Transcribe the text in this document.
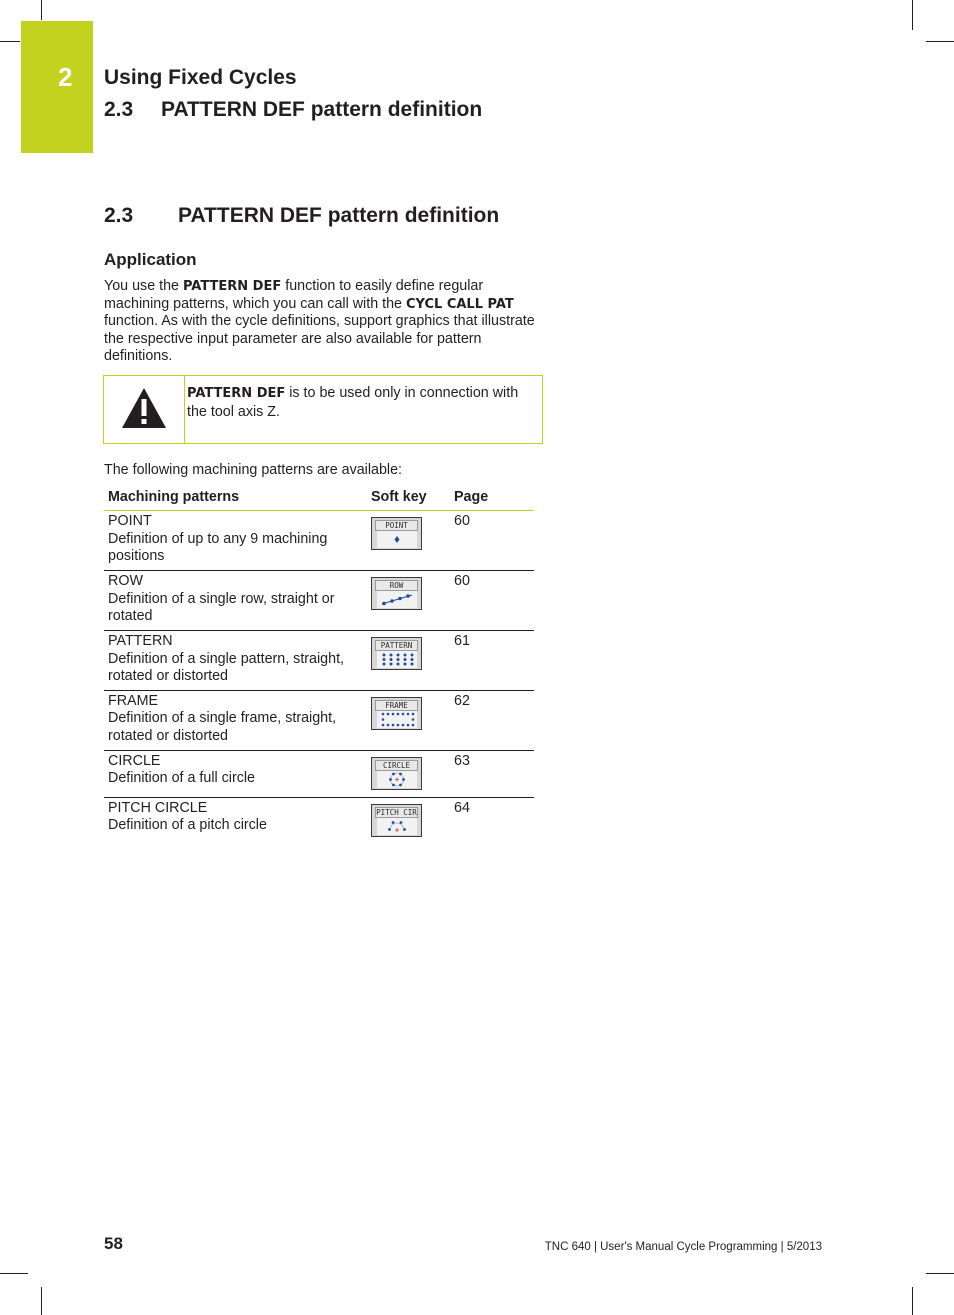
2 Using Fixed Cycles
2.3 PATTERN DEF pattern definition
2.3 PATTERN DEF pattern definition
Application
You use the PATTERN DEF function to easily define regular machining patterns, which you can call with the CYCL CALL PAT function. As with the cycle definitions, support graphics that illustrate the respective input parameter are also available for pattern definitions.
PATTERN DEF is to be used only in connection with the tool axis Z.
The following machining patterns are available:
Machining patterns	Soft key	Page
POINT
Definition of up to any 9 machining positions	POINT	60
ROW
Definition of a single row, straight or rotated	ROW	60
PATTERN
Definition of a single pattern, straight, rotated or distorted	PATTERN	61
FRAME
Definition of a single frame, straight, rotated or distorted	FRAME	62
CIRCLE
Definition of a full circle	CIRCLE	63
PITCH CIRCLE
Definition of a pitch circle	PITCH CIR	64
58	TNC 640 | User's Manual Cycle Programming | 5/2013
